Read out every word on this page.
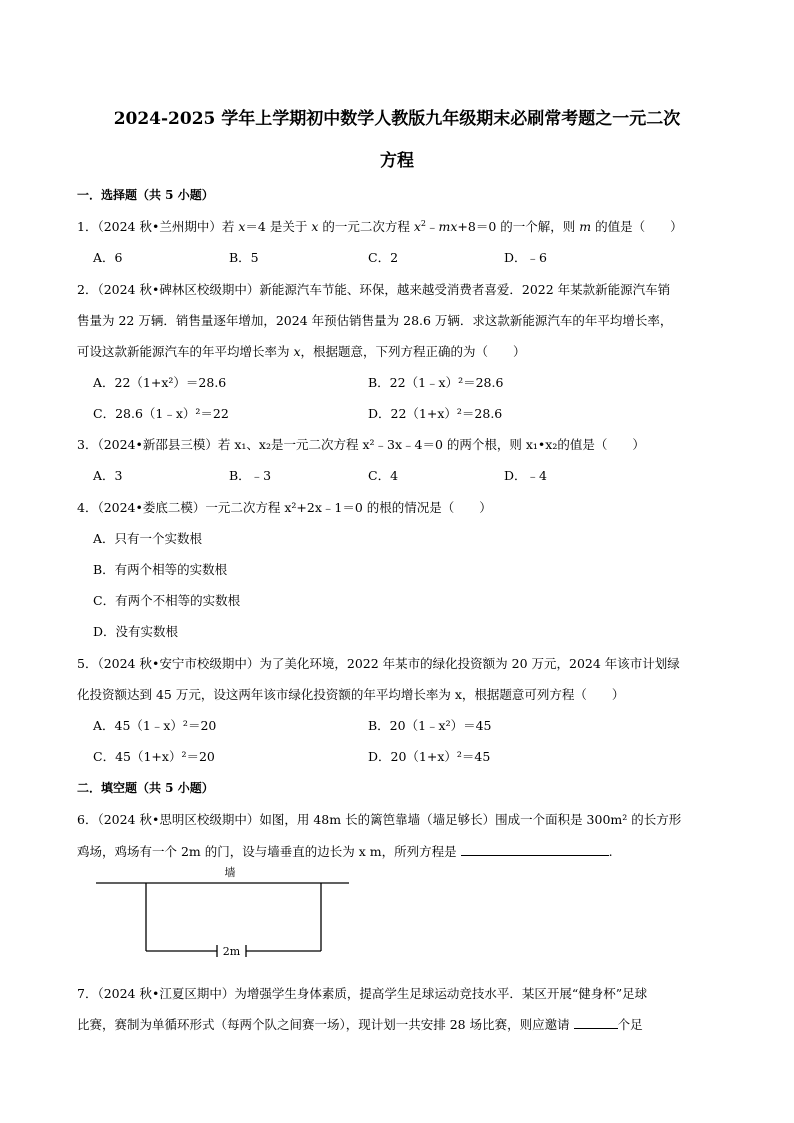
2024-2025 学年上学期初中数学人教版九年级期末必刷常考题之一元二次
方程
一．选择题（共 5 小题）
1．（2024 秋•兰州期中）若 x＝4 是关于 x 的一元二次方程 $x^2﹣mx+8=0$ 的一个解，则 m 的值是（　　）
A．6	B．5	C．2	D．﹣6
2．（2024 秋•碑林区校级期中）新能源汽车节能、环保，越来越受消费者喜爱．2022 年某款新能源汽车销
售量为 22 万辆．销售量逐年增加，2024 年预估销售量为 28.6 万辆．求这款新能源汽车的年平均增长率，
可设这款新能源汽车的年平均增长率为 x，根据题意，下列方程正确的为（　　）
A．22（1+x²）＝28.6	B．22（1﹣x）²＝28.6
C．28.6（1﹣x）²＝22	D．22（1+x）²＝28.6
3．（2024•新邵县三模）若 x₁、x₂是一元二次方程 x²﹣3x﹣4＝0 的两个根，则 x₁•x₂的值是（　　）
A．3	B．﹣3	C．4	D．﹣4
4．（2024•娄底二模）一元二次方程 x²+2x﹣1＝0 的根的情况是（　　）
A．只有一个实数根
B．有两个相等的实数根
C．有两个不相等的实数根
D．没有实数根
5．（2024 秋•安宁市校级期中）为了美化环境，2022 年某市的绿化投资额为 20 万元，2024 年该市计划绿
化投资额达到 45 万元，设这两年该市绿化投资额的年平均增长率为 x，根据题意可列方程（　　）
A．45（1﹣x）²＝20	B．20（1﹣x²）＝45
C．45（1+x）²＝20	D．20（1+x）²＝45
二．填空题（共 5 小题）
6．（2024 秋•思明区校级期中）如图，用 48m 长的篱笆靠墙（墙足够长）围成一个面积是 300m² 的长方形
鸡场，鸡场有一个 2m 的门，设与墙垂直的边长为 x m，所列方程是	.
墙
2m
7．（2024 秋•江夏区期中）为增强学生身体素质，提高学生足球运动竞技水平．某区开展“健身杯”足球
比赛，赛制为单循环形式（每两个队之间赛一场），现计划一共安排 28 场比赛，则应邀请	个足
